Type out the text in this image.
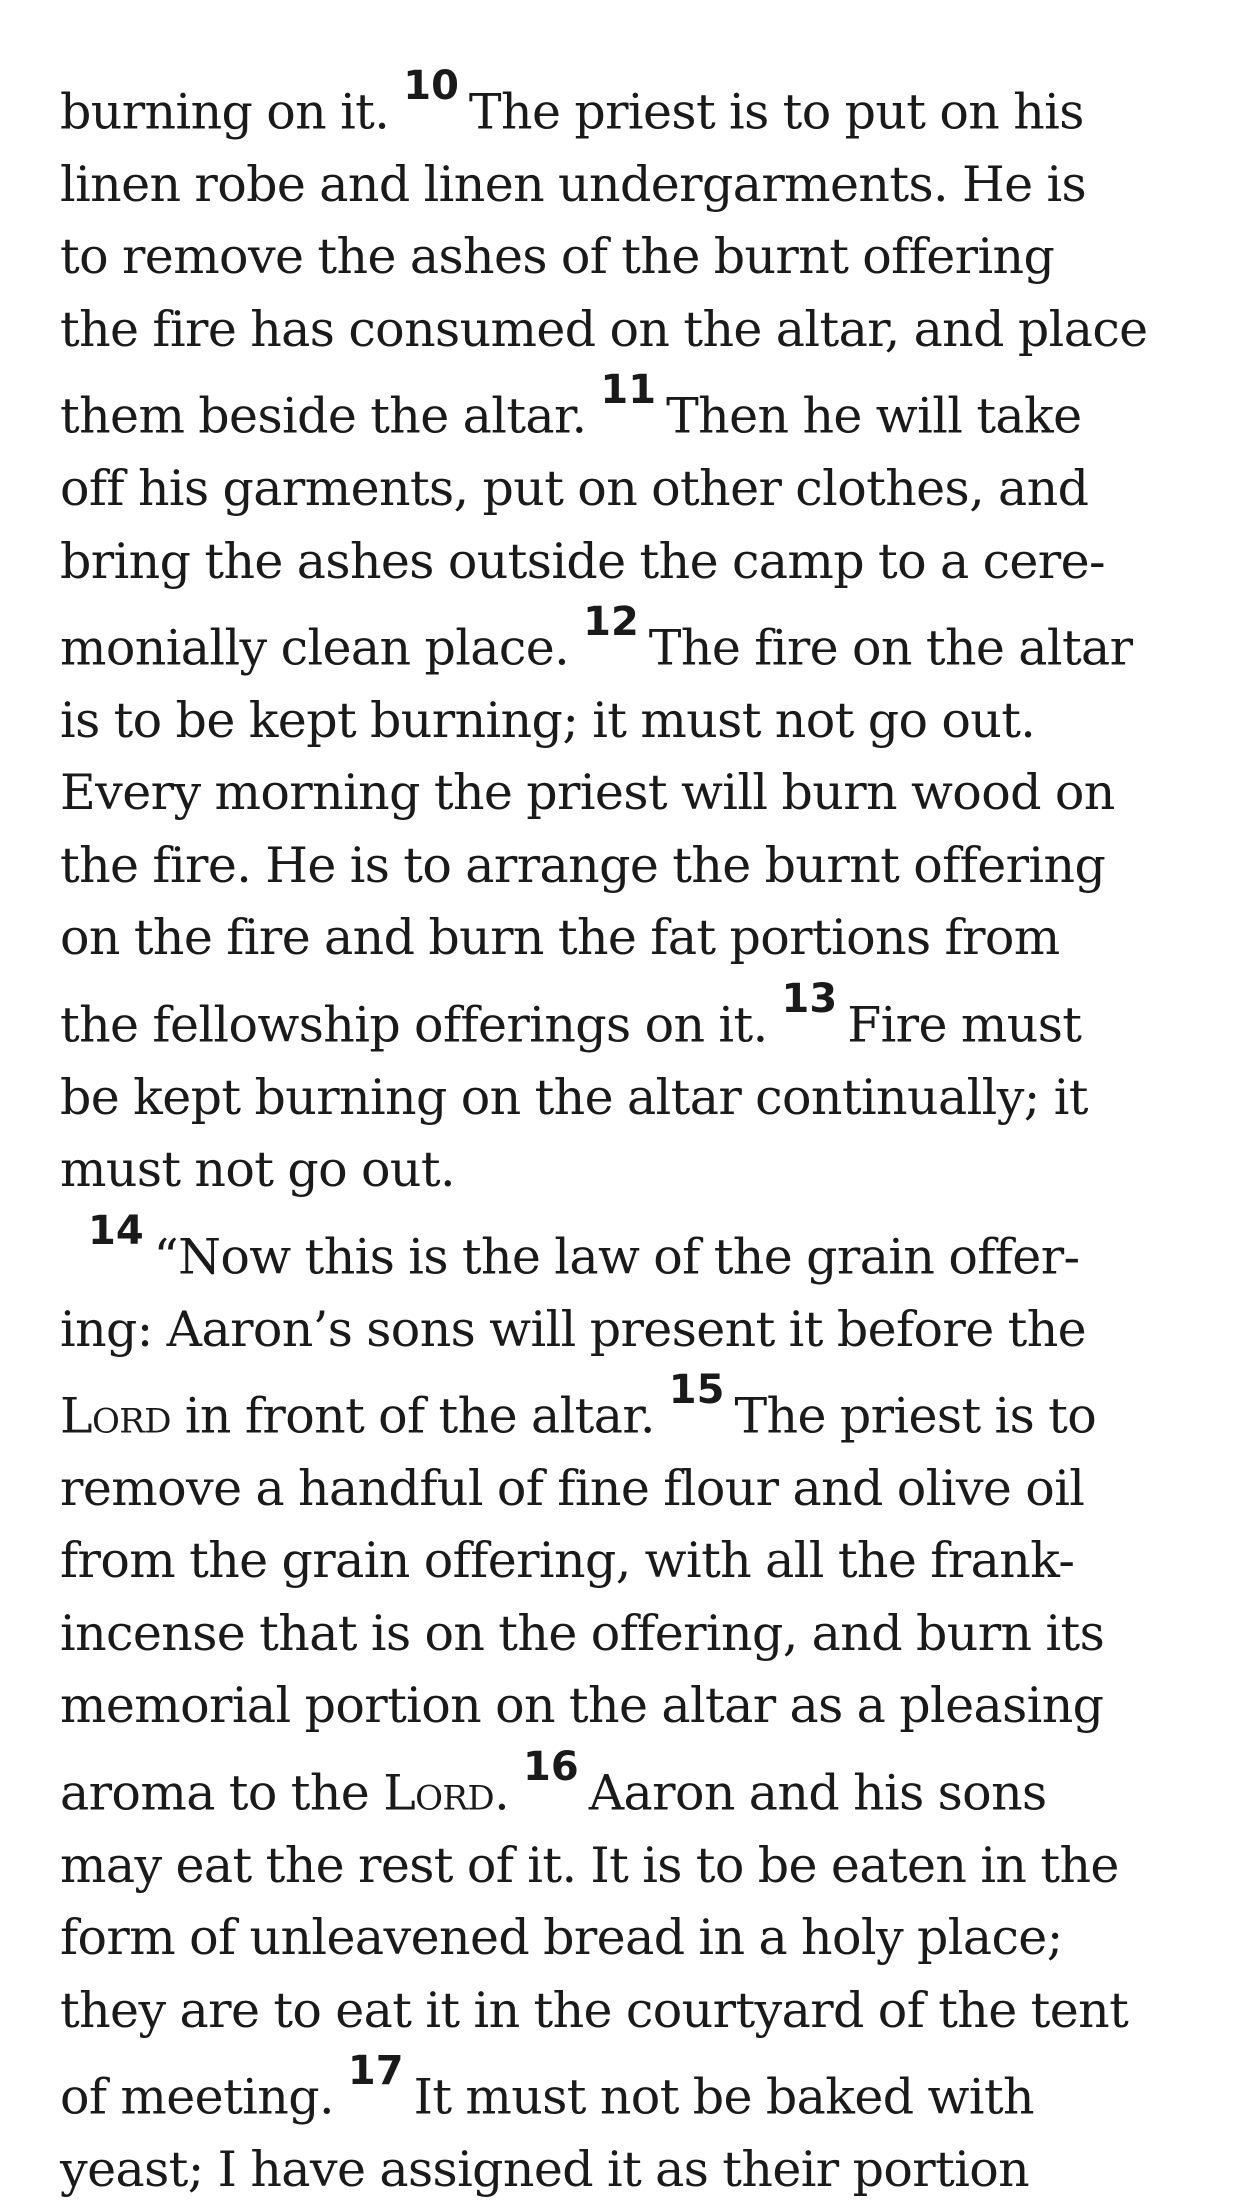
burning on it. $^{10}$ The priest is to put on his
linen robe and linen undergarments. He is
to remove the ashes of the burnt offering
the fire has consumed on the altar, and place
them beside the altar. $^{11}$ Then he will take
off his garments, put on other clothes, and
bring the ashes outside the camp to a cere-
monially clean place. $^{12}$ The fire on the altar
is to be kept burning; it must not go out.
Every morning the priest will burn wood on
the fire. He is to arrange the burnt offering
on the fire and burn the fat portions from
the fellowship offerings on it. $^{13}$ Fire must
be kept burning on the altar continually; it
must not go out.

$^{14}$ “Now this is the law of the grain offer-
ing: Aaron’s sons will present it before the
Lord in front of the altar. $^{15}$ The priest is to
remove a handful of fine flour and olive oil
from the grain offering, with all the frank-
incense that is on the offering, and burn its
memorial portion on the altar as a pleasing
aroma to the Lord. $^{16}$ Aaron and his sons
may eat the rest of it. It is to be eaten in the
form of unleavened bread in a holy place;
they are to eat it in the courtyard of the tent
of meeting. $^{17}$ It must not be baked with
yeast; I have assigned it as their portion
